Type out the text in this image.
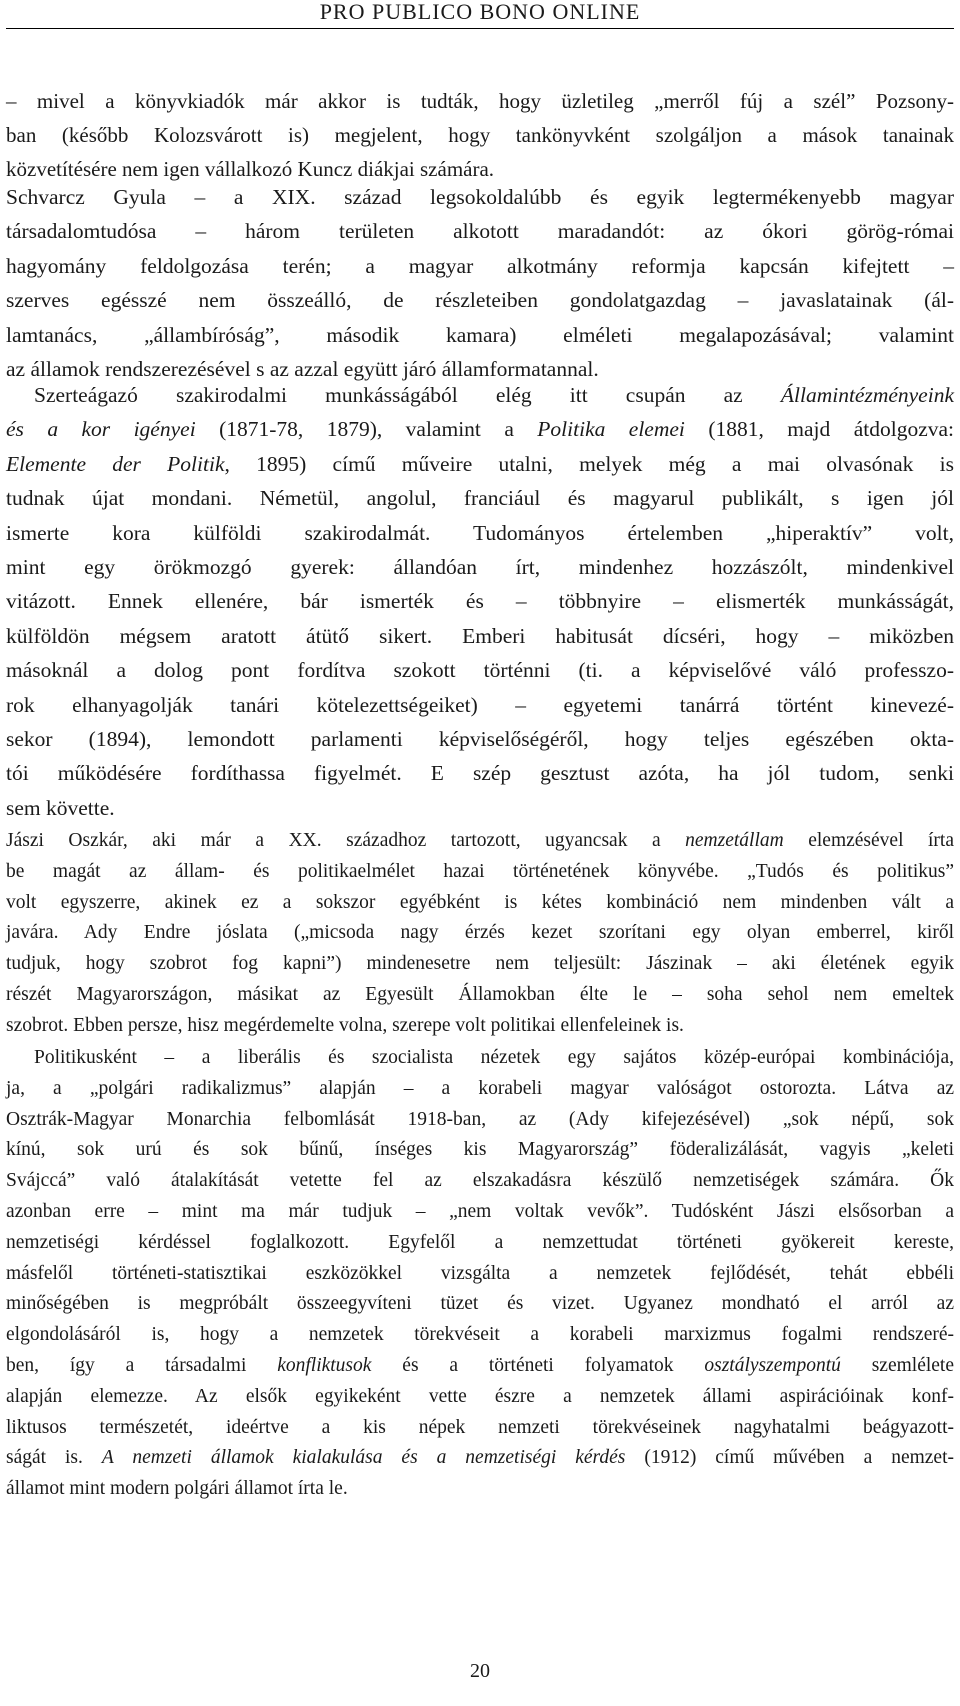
PRO PUBLICO BONO ONLINE
– mivel a könyvkiadók már akkor is tudták, hogy üzletileg „merről fúj a szél” Pozsony-
ban (később Kolozsvárott is) megjelent, hogy tankönyvként szolgáljon a mások tanainak
közvetítésére nem igen vállalkozó Kuncz diákjai számára.
Schvarcz Gyula – a XIX. század legsokoldalúbb és egyik legtermékenyebb magyar
társadalomtudósa – három területen alkotott maradandót: az ókori görög-római
hagyomány feldolgozása terén; a magyar alkotmány reformja kapcsán kifejtett –
szerves egésszé nem összeálló, de részleteiben gondolatgazdag – javaslatainak (ál-
lamtanács, „állambíróság”, második kamara) elméleti megalapozásával; valamint
az államok rendszerezésével s az azzal együtt járó államformatannal.
Szerteágazó szakirodalmi munkásságából elég itt csupán az Államintézményeink
és a kor igényei (1871-78, 1879), valamint a Politika elemei (1881, majd átdolgozva:
Elemente der Politik, 1895) című műveire utalni, melyek még a mai olvasónak is
tudnak újat mondani. Németül, angolul, franciául és magyarul publikált, s igen jól
ismerte kora külföldi szakirodalmát. Tudományos értelemben „hiperaktív” volt,
mint egy örökmozgó gyerek: állandóan írt, mindenhez hozzászólt, mindenkivel
vitázott. Ennek ellenére, bár ismerték és – többnyire – elismerték munkásságát,
külföldön mégsem aratott átütő sikert. Emberi habitusát dícséri, hogy – miközben
másoknál a dolog pont fordítva szokott történni (ti. a képviselővé váló professzo-
rok elhanyagolják tanári kötelezettségeiket) – egyetemi tanárrá történt kinevezé-
sekor (1894), lemondott parlamenti képviselőségéről, hogy teljes egészében okta-
tói működésére fordíthassa figyelmét. E szép gesztust azóta, ha jól tudom, senki
sem követte.
Jászi Oszkár, aki már a XX. századhoz tartozott, ugyancsak a nemzetállam elemzésével írta
be magát az állam- és politikaelmélet hazai történetének könyvébe. „Tudós és politikus”
volt egyszerre, akinek ez a sokszor egyébként is kétes kombináció nem mindenben vált a
javára. Ady Endre jóslata („micsoda nagy érzés kezet szorítani egy olyan emberrel, kiről
tudjuk, hogy szobrot fog kapni”) mindenesetre nem teljesült: Jászinak – aki életének egyik
részét Magyarországon, másikat az Egyesült Államokban élte le – soha sehol nem emeltek
szobrot. Ebben persze, hisz megérdemelte volna, szerepe volt politikai ellenfeleinek is.
Politikusként – a liberális és szocialista nézetek egy sajátos közép-európai kombinációja,
ja, a „polgári radikalizmus” alapján – a korabeli magyar valóságot ostorozta. Látva az
Osztrák-Magyar Monarchia felbomlását 1918-ban, az (Ady kifejezésével) „sok népű, sok
kínú, sok urú és sok bűnű, ínséges kis Magyarország” föderalizálását, vagyis „keleti
Svájccá” való átalakítását vetette fel az elszakadásra készülő nemzetiségek számára. Ők
azonban erre – mint ma már tudjuk – „nem voltak vevők”. Tudósként Jászi elsősorban a
nemzetiségi kérdéssel foglalkozott. Egyfelől a nemzettudat történeti gyökereit kereste,
másfelől történeti-statisztikai eszközökkel vizsgálta a nemzetek fejlődését, tehát ebbéli
minőségében is megpróbált összeegyvíteni tüzet és vizet. Ugyanez mondható el arról az
elgondolásáról is, hogy a nemzetek törekvéseit a korabeli marxizmus fogalmi rendszeré-
ben, így a társadalmi konfliktusok és a történeti folyamatok osztályszempontú szemlélete
alapján elemezze. Az elsők egyikeként vette észre a nemzetek állami aspirációinak konf-
liktusos természetét, ideértve a kis népek nemzeti törekvéseinek nagyhatalmi beágyazott-
ságát is. A nemzeti államok kialakulása és a nemzetiségi kérdés (1912) című művében a nemzet-
államot mint modern polgári államot írta le.
20
